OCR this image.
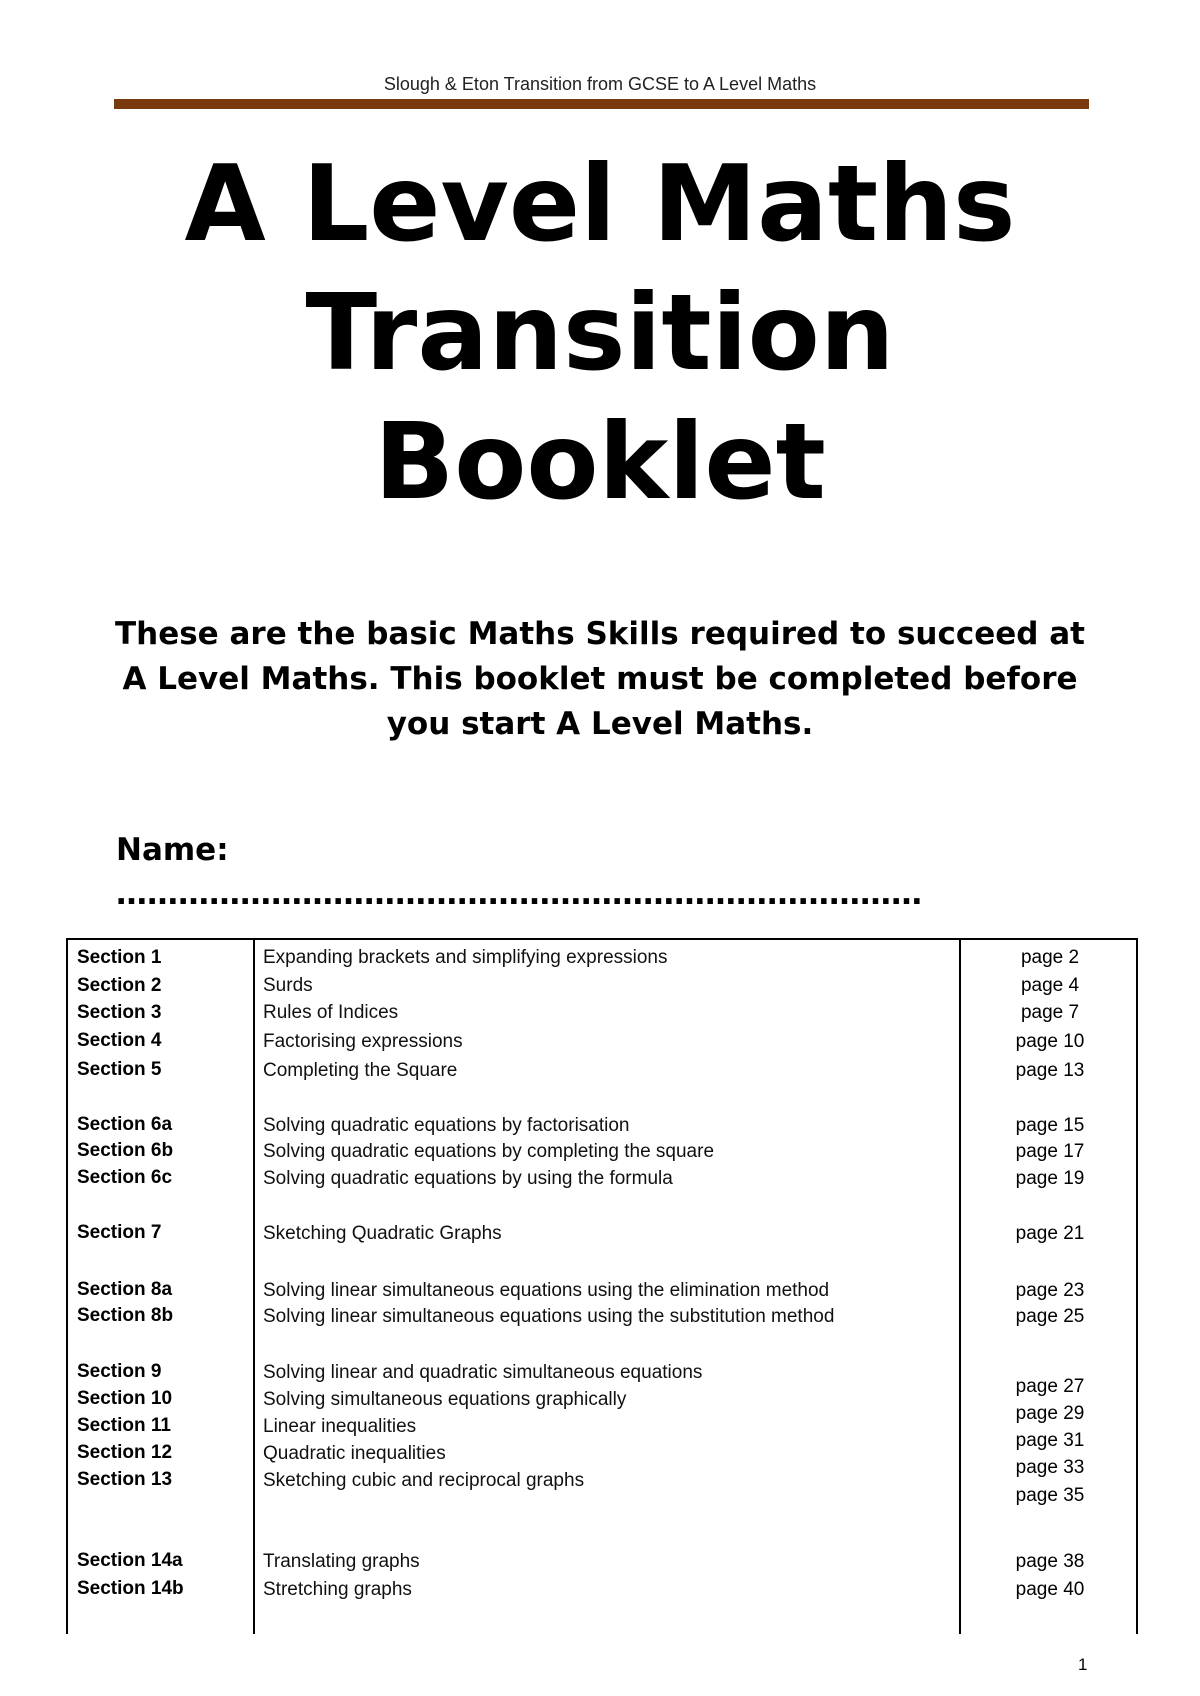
Slough & Eton Transition from GCSE to A Level Maths
A Level Maths
Transition
Booklet
These are the basic Maths Skills required to succeed at A Level Maths. This booklet must be completed before you start A Level Maths.
Name:
……………………………………………………………………
Section 1
Section 2
Section 3
Section 4
Section 5
Section 6a
Section 6b
Section 6c
Section 7
Section 8a
Section 8b
Section 9
Section 10
Section 11
Section 12
Section 13
Section 14a
Section 14b
Expanding brackets and simplifying expressions
Surds
Rules of Indices
Factorising expressions
Completing the Square
Solving quadratic equations by factorisation
Solving quadratic equations by completing the square
Solving quadratic equations by using the formula
Sketching Quadratic Graphs
Solving linear simultaneous equations using the elimination method
Solving linear simultaneous equations using the substitution method
Solving linear and quadratic simultaneous equations
Solving simultaneous equations graphically
Linear inequalities
Quadratic inequalities
Sketching cubic and reciprocal graphs
Translating graphs
Stretching graphs
page 2
page 4
page 7
page 10
page 13
page 15
page 17
page 19
page 21
page 23
page 25
page 27
page 29
page 31
page 33
page 35
page 38
page 40
1
